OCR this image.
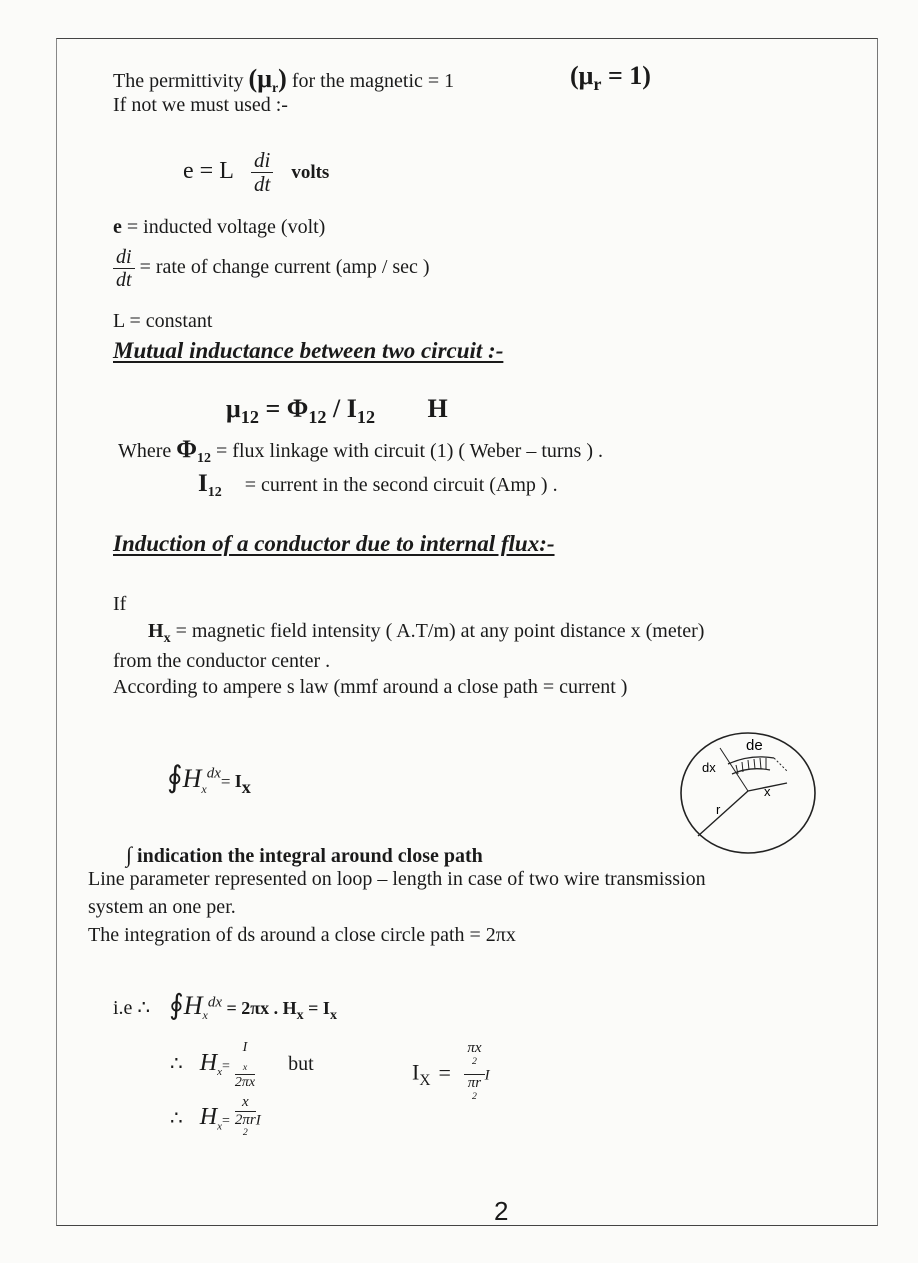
The permittivity $(\mu_r)$ for the magnetic = 1	$(\mu_r = 1)$
If not we must used :-
e = L $\frac{di}{dt}$ volts
e = inducted voltage (volt)
$\frac{di}{dt}$ = rate of change current (amp / sec )
L = constant
Mutual inductance between two circuit :-
$\mu_{12} = \Phi_{12} / I_{12}$ H
Where $\Phi_{12}$ = flux linkage with circuit (1) ( Weber – turns ) .
$I_{12}$ = current in the second circuit (Amp ) .
Induction of a conductor due to internal flux:-
If
$H_x$ = magnetic field intensity ( A.T/m) at any point distance x (meter)
from the conductor center .
According to ampere s law (mmf around a close path = current )
$∮H_x^{dx}= I_x$
de
dx
x
r
∫ indication the integral around close path
Line parameter represented on loop – length in case of two wire transmission
system an one per.
The integration of ds around a close circle path = 2πx
i.e ∴ $∮H_x^{dx} = 2\pi x$ . $H_x = I_x$
∴ $H_x= I$
$_x$
2πx but	$I_X = \pi x$
$^2$
πr
$^2$ I
∴ $H_x= x$
2πr
$^2$ I
2
